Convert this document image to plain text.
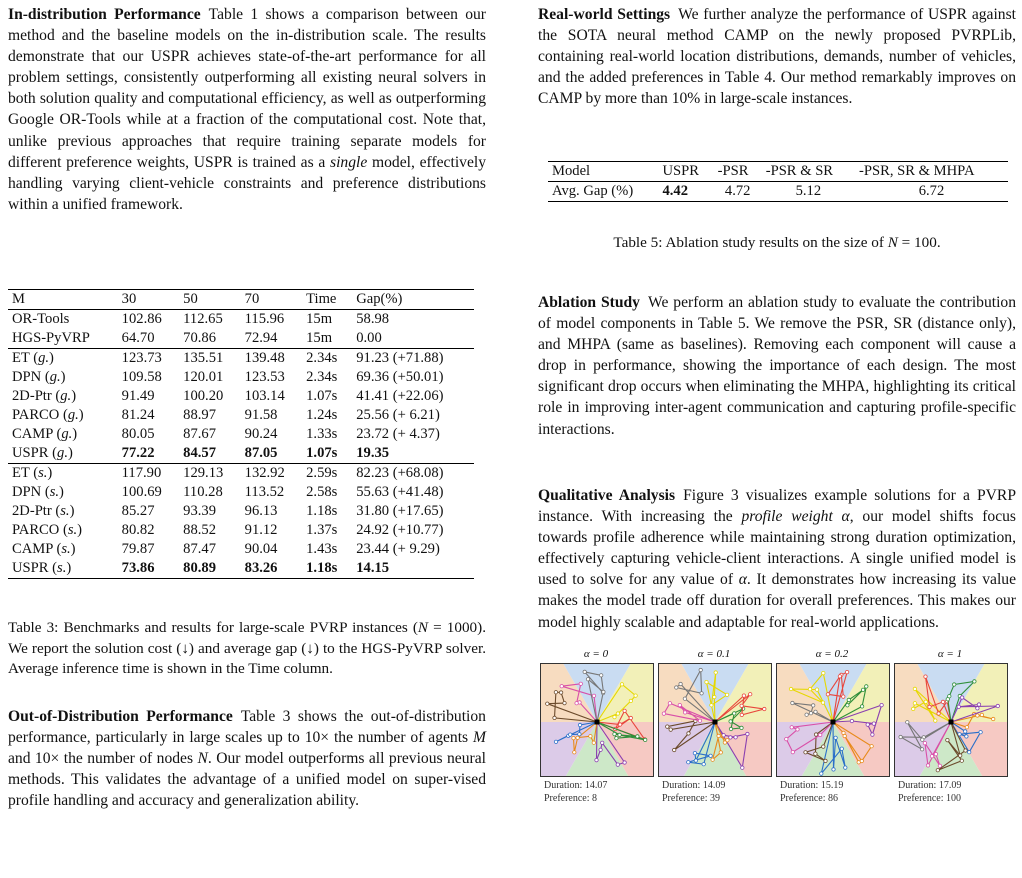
In-distribution Performance Table 1 shows a comparison between our method and the baseline models on the in-distribution scale. The results demonstrate that our USPR achieves state-of-the-art performance for all problem settings, consistently outperforming all existing neural solvers in both solution quality and computational efficiency, as well as outperforming Google OR-Tools while at a fraction of the computational cost. Note that, unlike previous approaches that require training separate models for different preference weights, USPR is trained as a single model, effectively handling varying client-vehicle constraints and preference distributions within a unified framework.

M	30	50	70	Time	Gap(%)
OR-Tools	102.86	112.65	115.96	15m	58.98
HGS-PyVRP	64.70	70.86	72.94	15m	0.00
ET (g.)	123.73	135.51	139.48	2.34s	91.23 (+71.88)
DPN (g.)	109.58	120.01	123.53	2.34s	69.36 (+50.01)
2D-Ptr (g.)	91.49	100.20	103.14	1.07s	41.41 (+22.06)
PARCO (g.)	81.24	88.97	91.58	1.24s	25.56 (+ 6.21)
CAMP (g.)	80.05	87.67	90.24	1.33s	23.72 (+ 4.37)
USPR (g.)	77.22	84.57	87.05	1.07s	19.35
ET (s.)	117.90	129.13	132.92	2.59s	82.23 (+68.08)
DPN (s.)	100.69	110.28	113.52	2.58s	55.63 (+41.48)
2D-Ptr (s.)	85.27	93.39	96.13	1.18s	31.80 (+17.65)
PARCO (s.)	80.82	88.52	91.12	1.37s	24.92 (+10.77)
CAMP (s.)	79.87	87.47	90.04	1.43s	23.44 (+ 9.29)
USPR (s.)	73.86	80.89	83.26	1.18s	14.15

Table 3: Benchmarks and results for large-scale PVRP instances (N = 1000). We report the solution cost (↓) and average gap (↓) to the HGS-PyVRP solver. Average inference time is shown in the Time column.

Out-of-Distribution Performance Table 3 shows the out-of-distribution performance, particularly in large scales up to 10× the number of agents M and 10× the number of nodes N. Our model outperforms all previous neural methods. This validates the advantage of a unified model on super-vised profile handling and accuracy and generalization ability.

Real-world Settings We further analyze the performance of USPR against the SOTA neural method CAMP on the newly proposed PVRPLib, containing real-world location distributions, demands, number of vehicles, and the added preferences in Table 4. Our method remarkably improves on CAMP by more than 10% in large-scale instances.

Model	USPR	-PSR	-PSR & SR	-PSR, SR & MHPA
Avg. Gap (%)	4.42	4.72	5.12	6.72

Table 5: Ablation study results on the size of N = 100.

Ablation Study We perform an ablation study to evaluate the contribution of model components in Table 5. We remove the PSR, SR (distance only), and MHPA (same as baselines). Removing each component will cause a drop in performance, showing the importance of each design. The most significant drop occurs when eliminating the MHPA, highlighting its critical role in improving inter-agent communication and capturing profile-specific interactions.

Qualitative Analysis Figure 3 visualizes example solutions for a PVRP instance. With increasing the profile weight α, our model shifts focus towards profile adherence while maintaining strong duration optimization, effectively capturing vehicle-client interactions. A single unified model is used to solve for any value of α. It demonstrates how increasing its value makes the model trade off duration for overall preferences. This makes our model highly scalable and adaptable for real-world applications.

α = 0
Duration: 14.07
Preference: 8
α = 0.1
Duration: 14.09
Preference: 39
α = 0.2
Duration: 15.19
Preference: 86
α = 1
Duration: 17.09
Preference: 100
